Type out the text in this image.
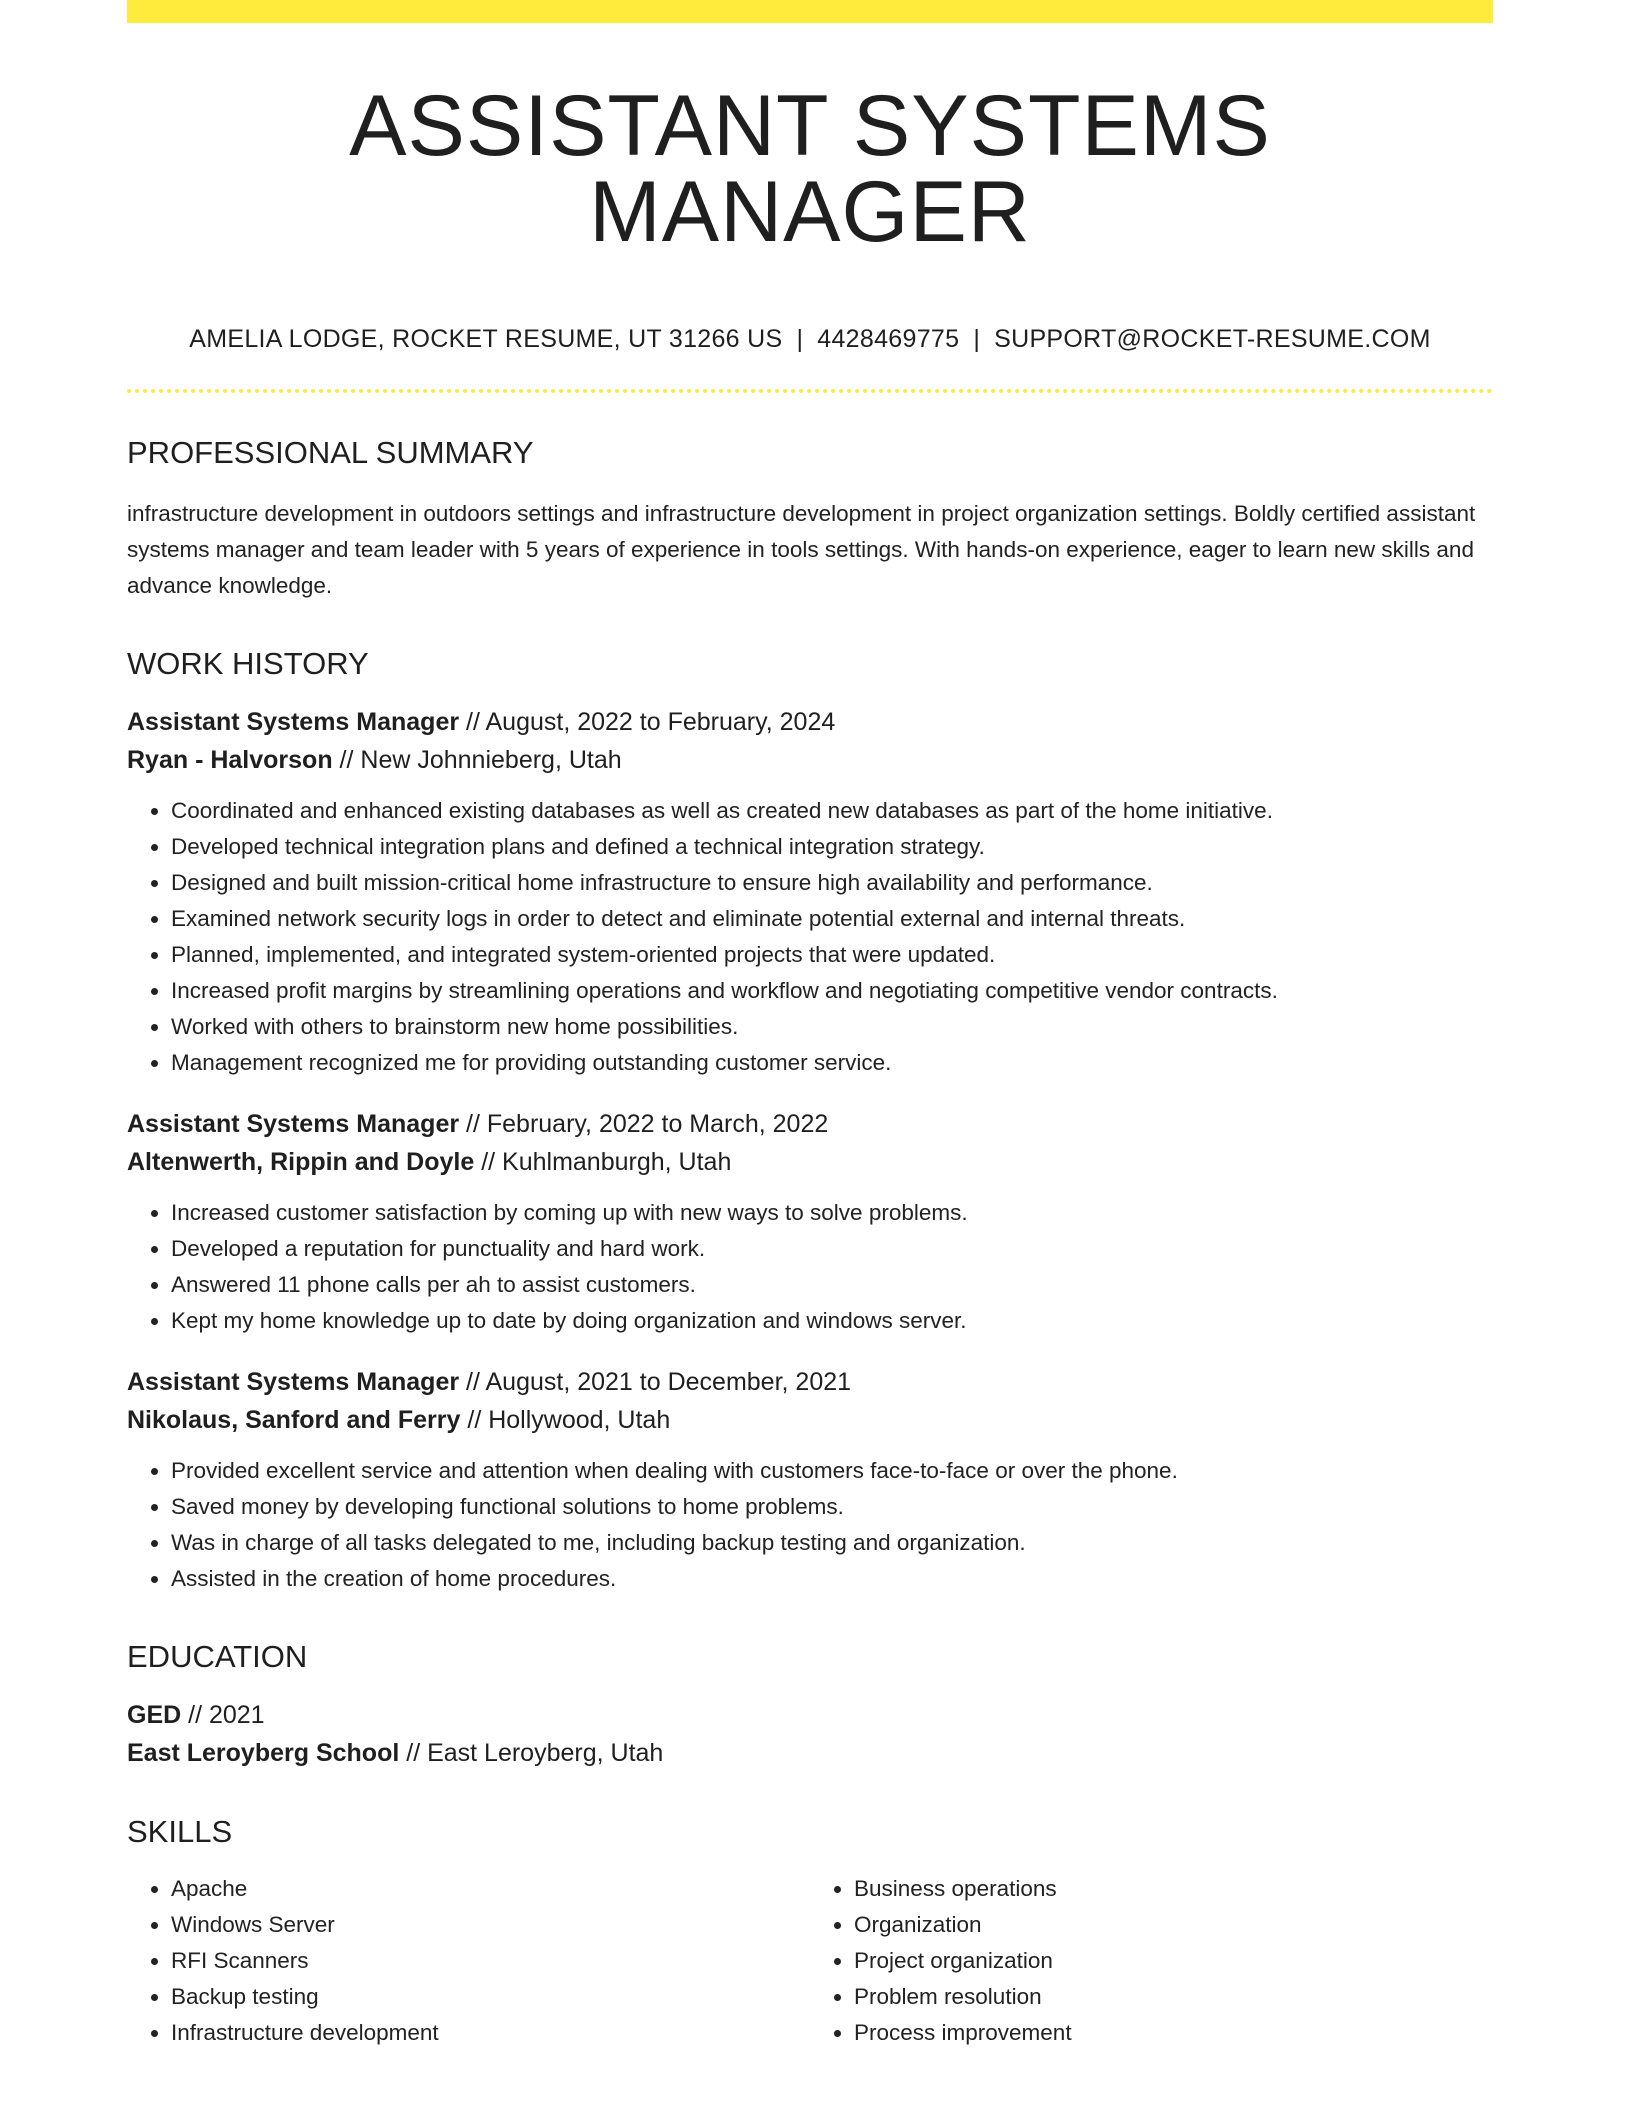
ASSISTANT SYSTEMS MANAGER
AMELIA LODGE, ROCKET RESUME, UT 31266 US | 4428469775 | SUPPORT@ROCKET-RESUME.COM
PROFESSIONAL SUMMARY
infrastructure development in outdoors settings and infrastructure development in project organization settings. Boldly certified assistant systems manager and team leader with 5 years of experience in tools settings. With hands-on experience, eager to learn new skills and advance knowledge.
WORK HISTORY
Assistant Systems Manager // August, 2022 to February, 2024
Ryan - Halvorson // New Johnnieberg, Utah
• Coordinated and enhanced existing databases as well as created new databases as part of the home initiative.
• Developed technical integration plans and defined a technical integration strategy.
• Designed and built mission-critical home infrastructure to ensure high availability and performance.
• Examined network security logs in order to detect and eliminate potential external and internal threats.
• Planned, implemented, and integrated system-oriented projects that were updated.
• Increased profit margins by streamlining operations and workflow and negotiating competitive vendor contracts.
• Worked with others to brainstorm new home possibilities.
• Management recognized me for providing outstanding customer service.
Assistant Systems Manager // February, 2022 to March, 2022
Altenwerth, Rippin and Doyle // Kuhlmanburgh, Utah
• Increased customer satisfaction by coming up with new ways to solve problems.
• Developed a reputation for punctuality and hard work.
• Answered 11 phone calls per ah to assist customers.
• Kept my home knowledge up to date by doing organization and windows server.
Assistant Systems Manager // August, 2021 to December, 2021
Nikolaus, Sanford and Ferry // Hollywood, Utah
• Provided excellent service and attention when dealing with customers face-to-face or over the phone.
• Saved money by developing functional solutions to home problems.
• Was in charge of all tasks delegated to me, including backup testing and organization.
• Assisted in the creation of home procedures.
EDUCATION
GED // 2021
East Leroyberg School // East Leroyberg, Utah
SKILLS
• Apache
• Windows Server
• RFI Scanners
• Backup testing
• Infrastructure development
• Business operations
• Organization
• Project organization
• Problem resolution
• Process improvement
